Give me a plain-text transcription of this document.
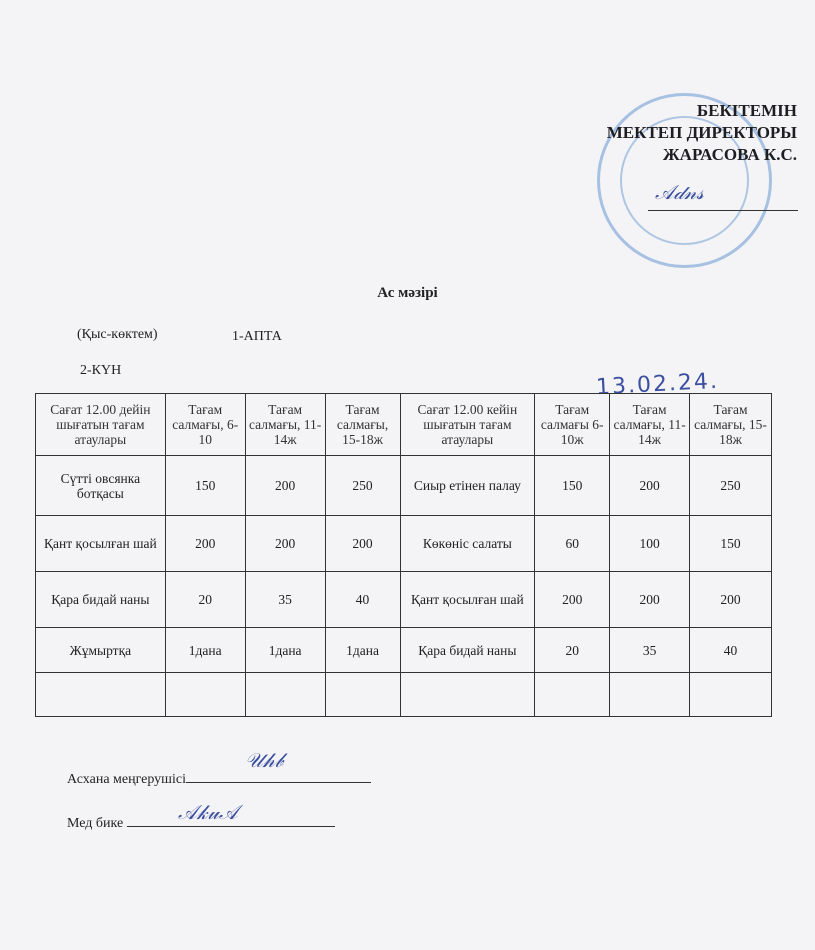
БЕКІТЕМІН
МЕКТЕП ДИРЕКТОРЫ
ЖАРАСОВА К.С.
𝒜𝒹𝓃𝓈
Ас мәзірі
(Қыс-көктем)	1-АПТА
2-КҮН	13.02.24.
Сағат 12.00 дейін шығатын тағам атаулары	Тағам салмағы, 6-10	Тағам салмағы, 11-14ж	Тағам салмағы, 15-18ж	Сағат 12.00 кейін шығатын тағам атаулары	Тағам салмағы 6-10ж	Тағам салмағы, 11-14ж	Тағам салмағы, 15-18ж
Сүтті овсянка ботқасы	150	200	250	Сиыр етінен палау	150	200	250
Қант қосылған шай	200	200	200	Көкөніс салаты	60	100	150
Қара бидай наны	20	35	40	Қант қосылған шай	200	200	200
Жұмыртқа	1дана	1дана	1дана	Қара бидай наны	20	35	40

Асхана меңгерушісі
𝒰𝒽𝒷
Мед бике	𝒜𝓀𝓊𝒜
